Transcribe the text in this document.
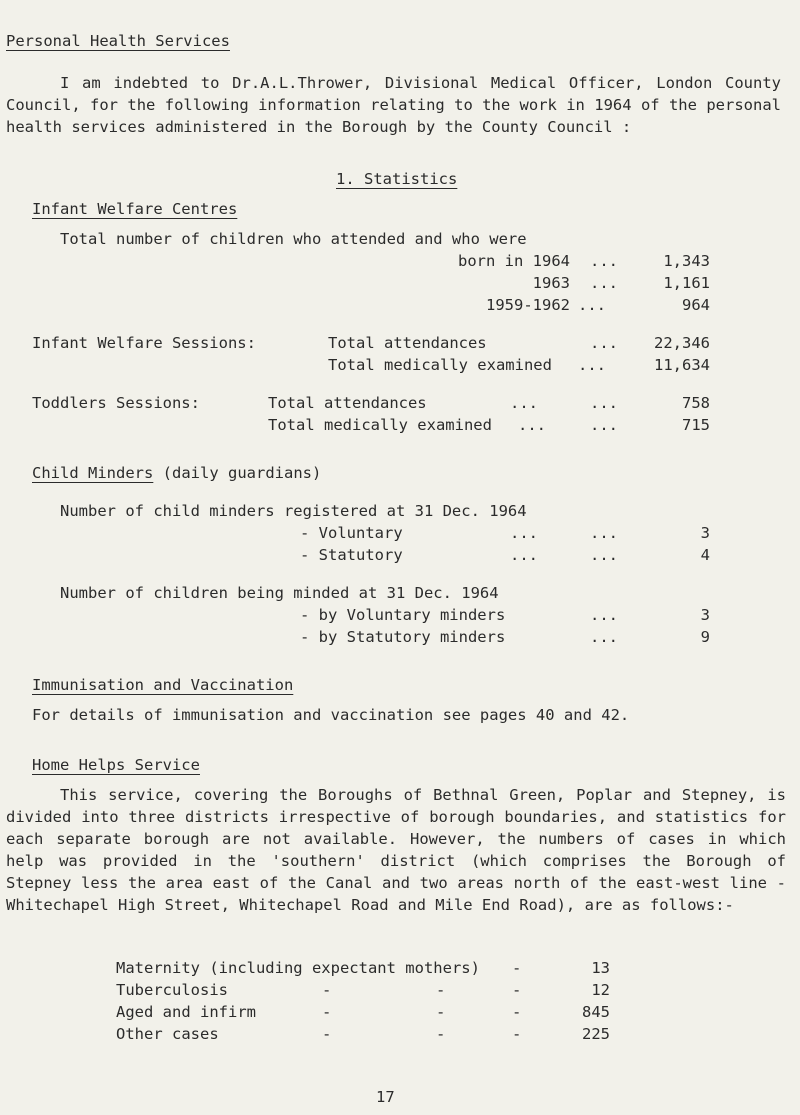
Personal Health Services
I am indebted to Dr.A.L.Thrower, Divisional Medical Officer, London County Council, for the following information relating to the work in 1964 of the personal health services administered in the Borough by the County Council :
1. Statistics
Infant Welfare Centres
Total number of children who attended and who were
born in 1964 ...	1,343
1963 ...	1,161
1959-1962 ...	964
Infant Welfare Sessions:	Total attendances	...	22,346
Total medically examined ...	11,634
Toddlers Sessions:	Total attendances	...	...	758
Total medically examined ...	...	715
Child Minders (daily guardians)
Number of child minders registered at 31 Dec. 1964
- Voluntary	...	...	3
- Statutory	...	...	4
Number of children being minded at 31 Dec. 1964
- by Voluntary minders	...	3
- by Statutory minders	...	9
Immunisation and Vaccination
For details of immunisation and vaccination see pages 40 and 42.
Home Helps Service
This service, covering the Boroughs of Bethnal Green, Poplar and Stepney, is divided into three districts irrespective of borough boundaries, and statistics for each separate borough are not available. However, the numbers of cases in which help was provided in the 'southern' district (which comprises the Borough of Stepney less the area east of the Canal and two areas north of the east-west line - Whitechapel High Street, Whitechapel Road and Mile End Road), are as follows:-
Maternity (including expectant mothers) -	13
Tuberculosis	-	-	-	12
Aged and infirm	-	-	-	845
Other cases	-	-	-	225
17
